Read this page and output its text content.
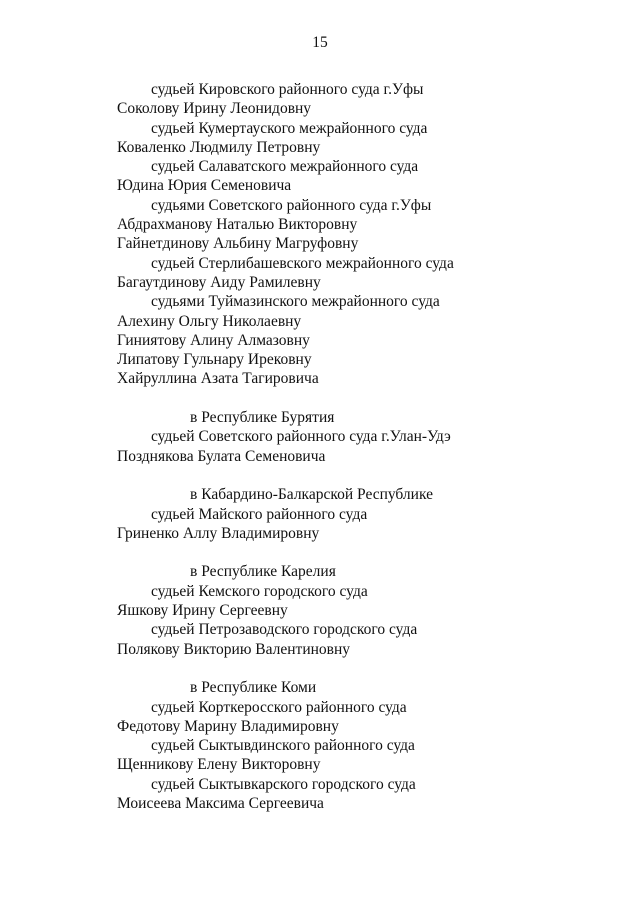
15
судьей Кировского районного суда г.Уфы
Соколову Ирину Леонидовну
судьей Кумертауского межрайонного суда
Коваленко Людмилу Петровну
судьей Салаватского межрайонного суда
Юдина Юрия Семеновича
судьями Советского районного суда г.Уфы
Абдрахманову Наталью Викторовну
Гайнетдинову Альбину Магруфовну
судьей Стерлибашевского межрайонного суда
Багаутдинову Аиду Рамилевну
судьями Туймазинского межрайонного суда
Алехину Ольгу Николаевну
Гиниятову Алину Алмазовну
Липатову Гульнару Ирековну
Хайруллина Азата Тагировича
в Республике Бурятия
судьей Советского районного суда г.Улан-Удэ
Позднякова Булата Семеновича
в Кабардино-Балкарской Республике
судьей Майского районного суда
Гриненко Аллу Владимировну
в Республике Карелия
судьей Кемского городского суда
Яшкову Ирину Сергеевну
судьей Петрозаводского городского суда
Полякову Викторию Валентиновну
в Республике Коми
судьей Корткеросского районного суда
Федотову Марину Владимировну
судьей Сыктывдинского районного суда
Щенникову Елену Викторовну
судьей Сыктывкарского городского суда
Моисеева Максима Сергеевича
